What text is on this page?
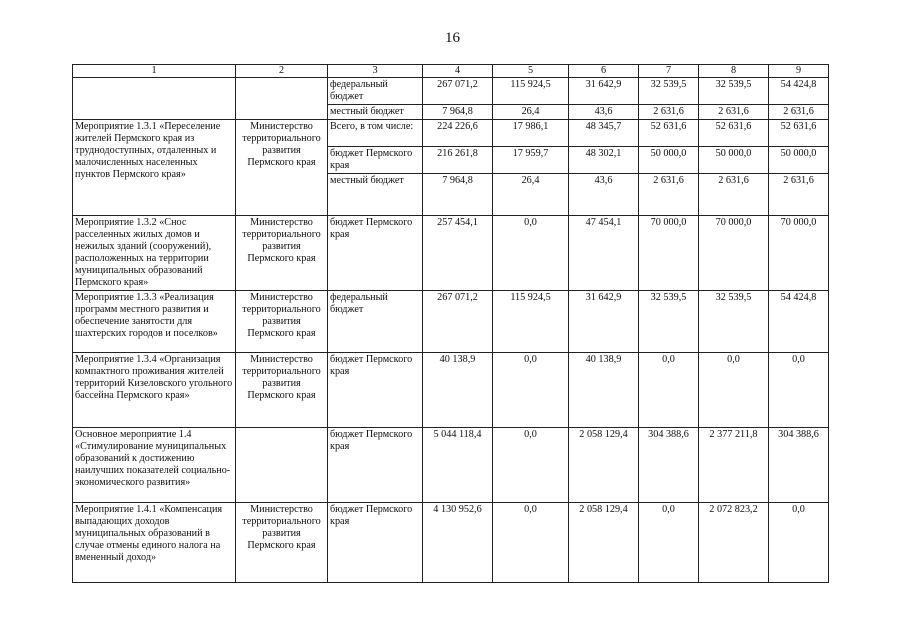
16
1	2	3	4	5	6	7	8	9
		федеральный бюджет	267 071,2	115 924,5	31 642,9	32 539,5	32 539,5	54 424,8
		местный бюджет	7 964,8	26,4	43,6	2 631,6	2 631,6	2 631,6
Мероприятие 1.3.1 «Переселение жителей Пермского края из труднодоступных, отдаленных и малочисленных населенных пунктов Пермского края»	Министерство территориального развития Пермского края	Всего, в том числе:	224 226,6	17 986,1	48 345,7	52 631,6	52 631,6	52 631,6
		бюджет Пермского края	216 261,8	17 959,7	48 302,1	50 000,0	50 000,0	50 000,0
		местный бюджет	7 964,8	26,4	43,6	2 631,6	2 631,6	2 631,6
Мероприятие 1.3.2 «Снос расселенных жилых домов и нежилых зданий (сооружений), расположенных на территории муниципальных образований Пермского края»	Министерство территориального развития Пермского края	бюджет Пермского края	257 454,1	0,0	47 454,1	70 000,0	70 000,0	70 000,0
Мероприятие 1.3.3 «Реализация программ местного развития и обеспечение занятости для шахтерских городов и поселков»	Министерство территориального развития Пермского края	федеральный бюджет	267 071,2	115 924,5	31 642,9	32 539,5	32 539,5	54 424,8
Мероприятие 1.3.4 «Организация компактного проживания жителей территорий Кизеловского угольного бассейна Пермского края»	Министерство территориального развития Пермского края	бюджет Пермского края	40 138,9	0,0	40 138,9	0,0	0,0	0,0
Основное мероприятие 1.4 «Стимулирование муниципальных образований к достижению наилучших показателей социально-экономического развития»		бюджет Пермского края	5 044 118,4	0,0	2 058 129,4	304 388,6	2 377 211,8	304 388,6
Мероприятие 1.4.1 «Компенсация выпадающих доходов муниципальных образований в случае отмены единого налога на вмененный доход»	Министерство территориального развития Пермского края	бюджет Пермского края	4 130 952,6	0,0	2 058 129,4	0,0	2 072 823,2	0,0
